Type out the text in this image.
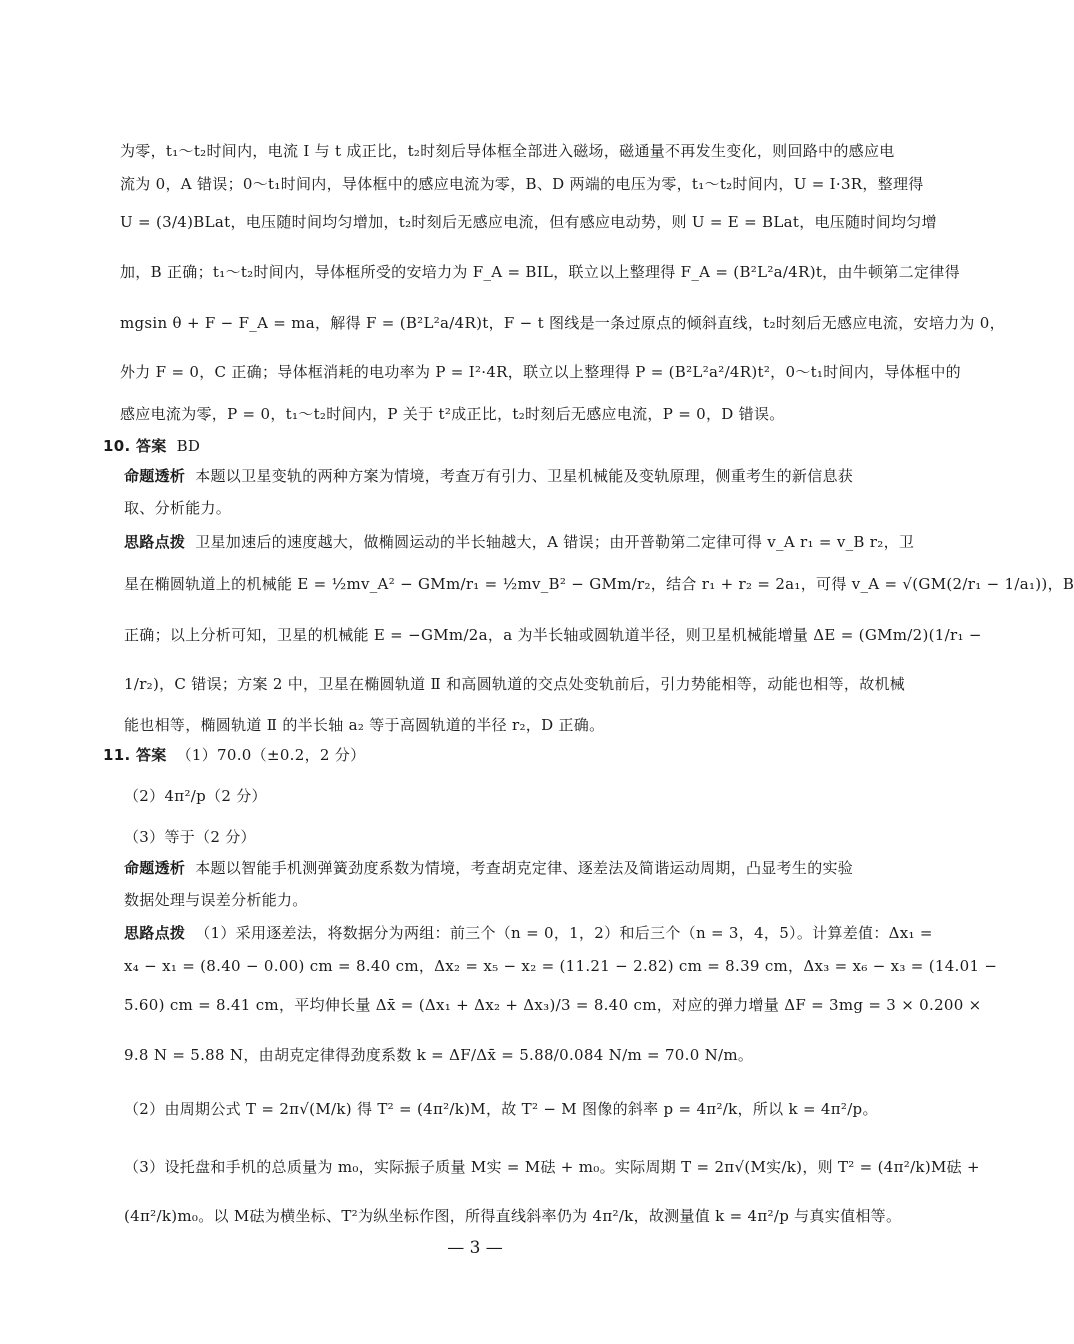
为零，t₁～t₂时间内，电流 I 与 t 成正比，t₂时刻后导体框全部进入磁场，磁通量不再发生变化，则回路中的感应电
流为 0，A 错误；0～t₁时间内，导体框中的感应电流为零，B、D 两端的电压为零，t₁～t₂时间内，U = I·3R，整理得
U = (3/4)BLat，电压随时间均匀增加，t₂时刻后无感应电流，但有感应电动势，则 U = E = BLat，电压随时间均匀增
加，B 正确；t₁～t₂时间内，导体框所受的安培力为 F_A = BIL，联立以上整理得 F_A = (B²L²a/4R)t，由牛顿第二定律得
mgsin θ + F − F_A = ma，解得 F = (B²L²a/4R)t，F − t 图线是一条过原点的倾斜直线，t₂时刻后无感应电流，安培力为 0，
外力 F = 0，C 正确；导体框消耗的电功率为 P = I²·4R，联立以上整理得 P = (B²L²a²/4R)t²，0～t₁时间内，导体框中的
感应电流为零，P = 0，t₁～t₂时间内，P 关于 t²成正比，t₂时刻后无感应电流，P = 0，D 错误。
10. 答案 BD
命题透析 本题以卫星变轨的两种方案为情境，考查万有引力、卫星机械能及变轨原理，侧重考生的新信息获
取、分析能力。
思路点拨 卫星加速后的速度越大，做椭圆运动的半长轴越大，A 错误；由开普勒第二定律可得 v_A r₁ = v_B r₂，卫
星在椭圆轨道上的机械能 E = ½mv_A² − GMm/r₁ = ½mv_B² − GMm/r₂，结合 r₁ + r₂ = 2a₁，可得 v_A = √(GM(2/r₁ − 1/a₁))，B
正确；以上分析可知，卫星的机械能 E = −GMm/2a，a 为半长轴或圆轨道半径，则卫星机械能增量 ΔE = (GMm/2)(1/r₁ −
1/r₂)，C 错误；方案 2 中，卫星在椭圆轨道 Ⅱ 和高圆轨道的交点处变轨前后，引力势能相等，动能也相等，故机械
能也相等，椭圆轨道 Ⅱ 的半长轴 a₂ 等于高圆轨道的半径 r₂，D 正确。
11. 答案 （1）70.0（±0.2，2 分）
（2）4π²/p（2 分）
（3）等于（2 分）
命题透析 本题以智能手机测弹簧劲度系数为情境，考查胡克定律、逐差法及简谐运动周期，凸显考生的实验
数据处理与误差分析能力。
思路点拨 （1）采用逐差法，将数据分为两组：前三个（n = 0，1，2）和后三个（n = 3，4，5）。计算差值：Δx₁ =
x₄ − x₁ = (8.40 − 0.00) cm = 8.40 cm，Δx₂ = x₅ − x₂ = (11.21 − 2.82) cm = 8.39 cm，Δx₃ = x₆ − x₃ = (14.01 −
5.60) cm = 8.41 cm，平均伸长量 Δx̄ = (Δx₁ + Δx₂ + Δx₃)/3 = 8.40 cm，对应的弹力增量 ΔF = 3mg = 3 × 0.200 ×
9.8 N = 5.88 N，由胡克定律得劲度系数 k = ΔF/Δx̄ = 5.88/0.084 N/m = 70.0 N/m。
（2）由周期公式 T = 2π√(M/k) 得 T² = (4π²/k)M，故 T² − M 图像的斜率 p = 4π²/k，所以 k = 4π²/p。
（3）设托盘和手机的总质量为 m₀，实际振子质量 M实 = M砝 + m₀。实际周期 T = 2π√(M实/k)，则 T² = (4π²/k)M砝 +
(4π²/k)m₀。以 M砝为横坐标、T²为纵坐标作图，所得直线斜率仍为 4π²/k，故测量值 k = 4π²/p 与真实值相等。
— 3 —
